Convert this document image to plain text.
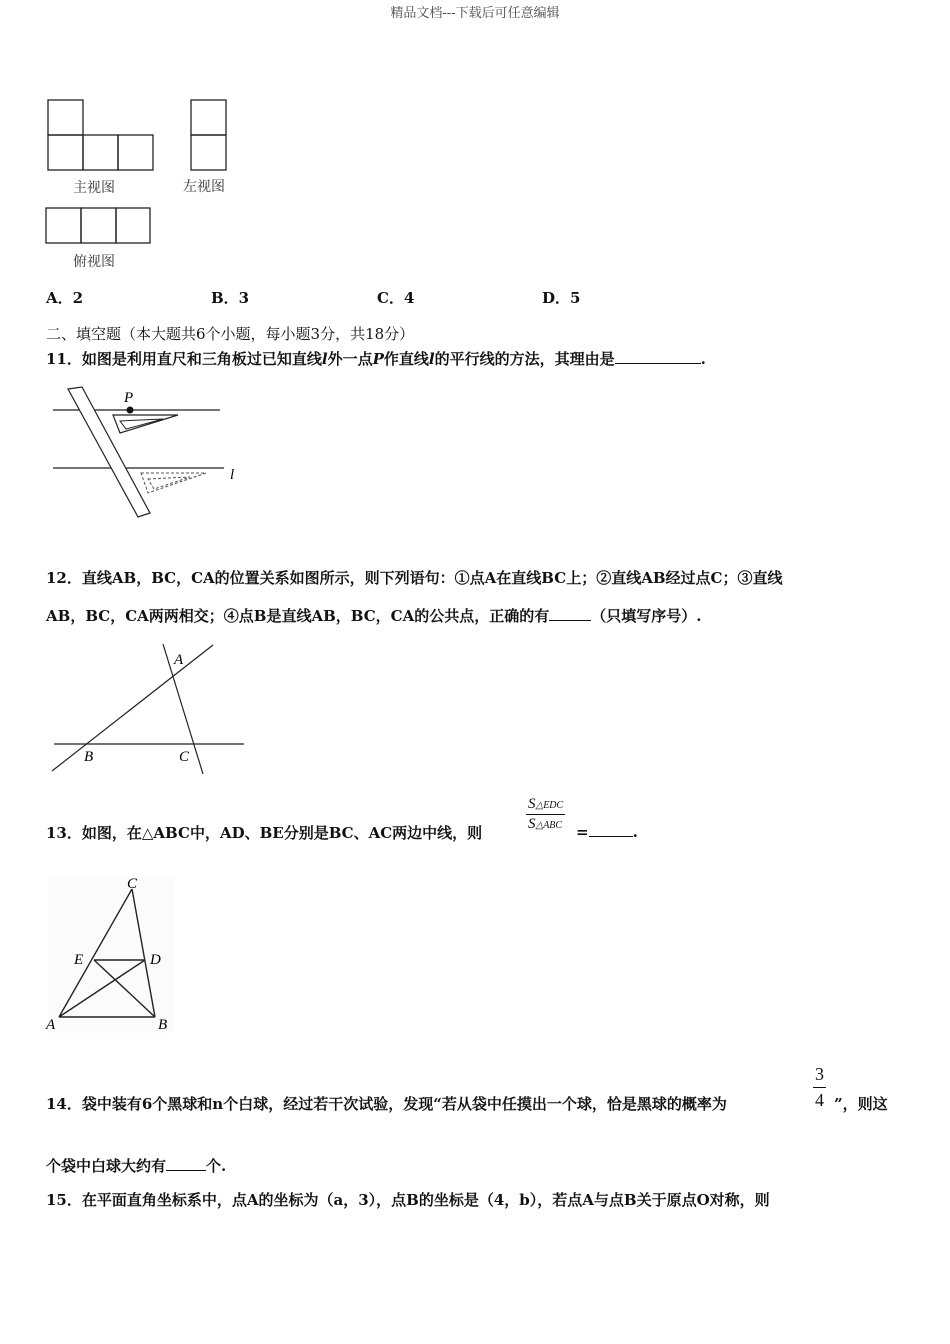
精品文档---下载后可任意编辑
主视图	左视图
俯视图
A．2	B．3	C．4	D．5
二、填空题（本大题共6个小题，每小题3分，共18分）
11．如图是利用直尺和三角板过已知直线l外一点P作直线l的平行线的方法，其理由是	.
P
l
12．直线AB，BC，CA的位置关系如图所示，则下列语句：①点A在直线BC上；②直线AB经过点C；③直线
AB，BC，CA两两相交；④点B是直线AB，BC，CA的公共点，正确的有	（只填写序号）.
A
B	C
13．如图，在△ABC中，AD、BE分别是BC、AC两边中线，则
S△EDC
S△ABC =	.
C
E	D
A	B
14．袋中装有6个黑球和n个白球，经过若干次试验，发现“若从袋中任摸出一个球，恰是黑球的概率为	$\frac{3}{4}$ ”，则这
个袋中白球大约有	个.
15．在平面直角坐标系中，点A的坐标为（a，3），点B的坐标是（4，b），若点A与点B关于原点O对称，则
